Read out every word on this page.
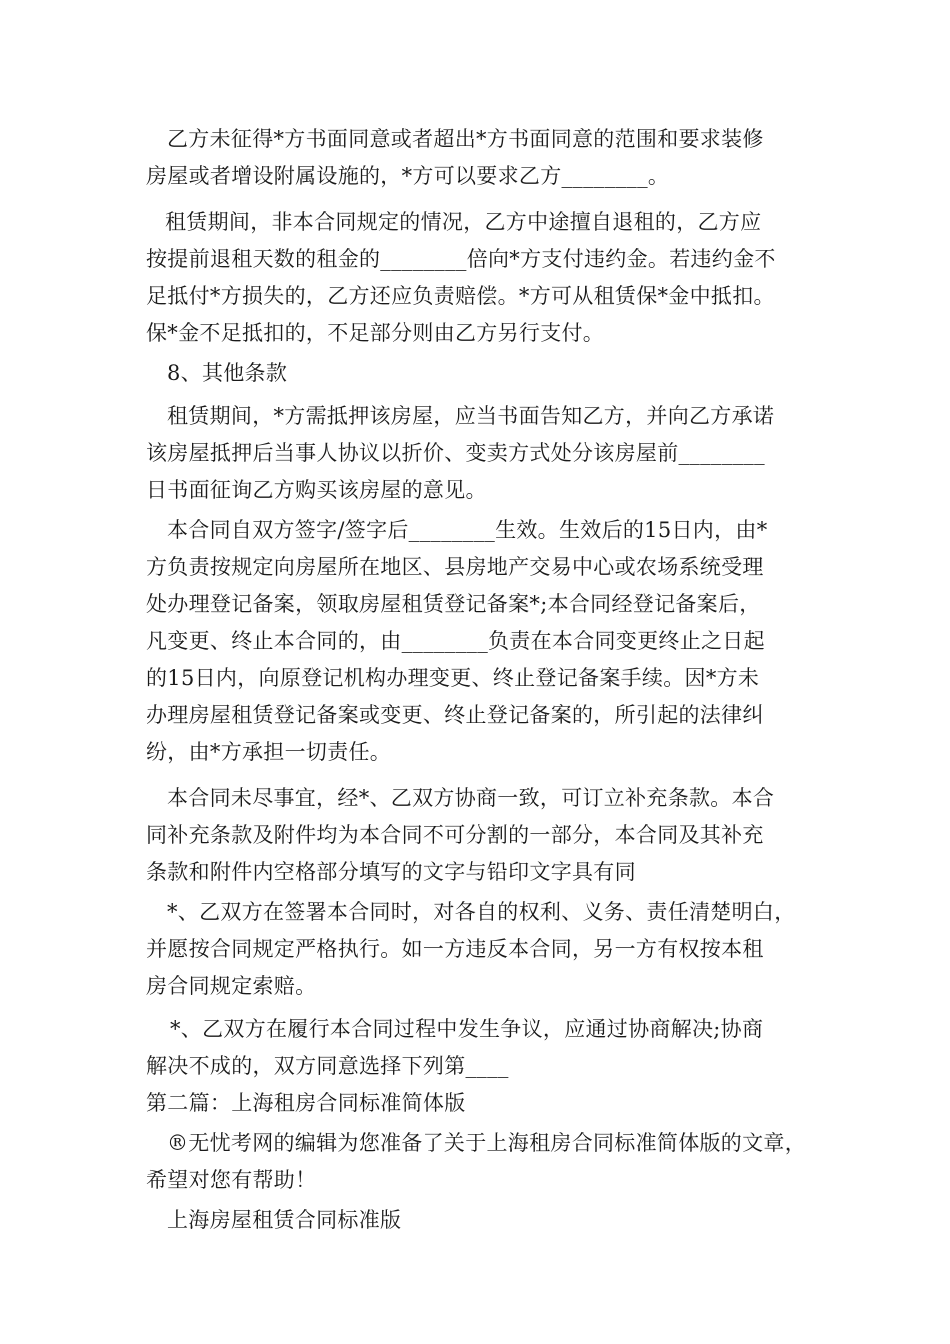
乙方未征得*方书面同意或者超出*方书面同意的范围和要求装修
房屋或者增设附属设施的，*方可以要求乙方________。
租赁期间，非本合同规定的情况，乙方中途擅自退租的，乙方应
按提前退租天数的租金的________倍向*方支付违约金。若违约金不
足抵付*方损失的，乙方还应负责赔偿。*方可从租赁保*金中抵扣。
保*金不足抵扣的，不足部分则由乙方另行支付。
8、其他条款
租赁期间，*方需抵押该房屋，应当书面告知乙方，并向乙方承诺
该房屋抵押后当事人协议以折价、变卖方式处分该房屋前________
日书面征询乙方购买该房屋的意见。
本合同自双方签字/签字后________生效。生效后的15日内，由*
方负责按规定向房屋所在地区、县房地产交易中心或农场系统受理
处办理登记备案，领取房屋租赁登记备案*;本合同经登记备案后，
凡变更、终止本合同的，由________负责在本合同变更终止之日起
的15日内，向原登记机构办理变更、终止登记备案手续。因*方未
办理房屋租赁登记备案或变更、终止登记备案的，所引起的法律纠
纷，由*方承担一切责任。
本合同未尽事宜，经*、乙双方协商一致，可订立补充条款。本合
同补充条款及附件均为本合同不可分割的一部分，本合同及其补充
条款和附件内空格部分填写的文字与铅印文字具有同
*、乙双方在签署本合同时，对各自的权利、义务、责任清楚明白，
并愿按合同规定严格执行。如一方违反本合同，另一方有权按本租
房合同规定索赔。
*、乙双方在履行本合同过程中发生争议，应通过协商解决;协商
解决不成的，双方同意选择下列第____
第二篇：上海租房合同标准简体版
®无忧考网的编辑为您准备了关于上海租房合同标准简体版的文章，
希望对您有帮助！
上海房屋租赁合同标准版
